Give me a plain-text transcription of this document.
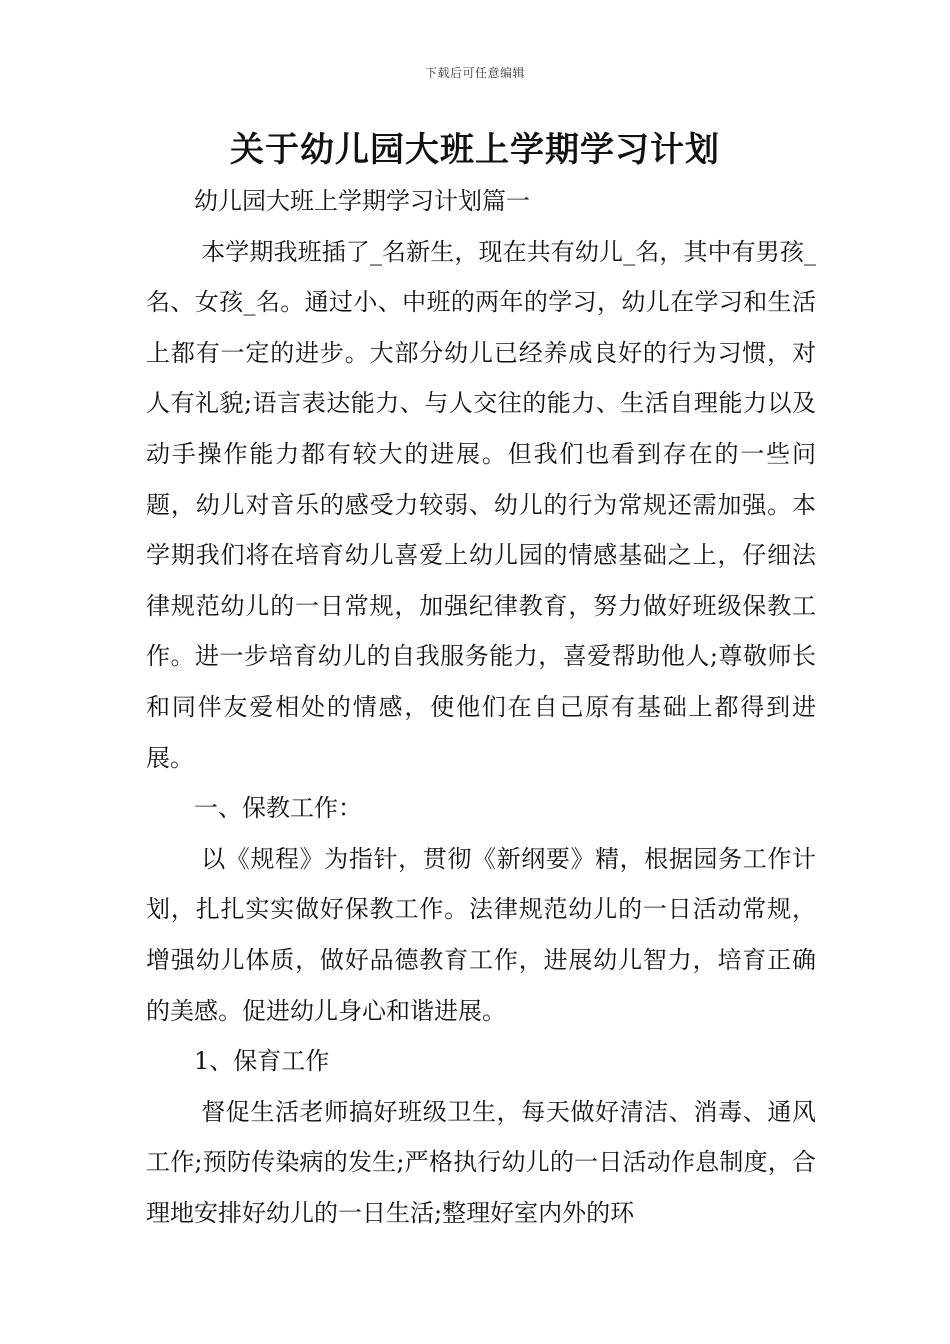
下载后可任意编辑
关于幼儿园大班上学期学习计划

幼儿园大班上学期学习计划篇一

本学期我班插了_名新生，现在共有幼儿_名，其中有男孩_名、女孩_名。通过小、中班的两年的学习，幼儿在学习和生活上都有一定的进步。大部分幼儿已经养成良好的行为习惯，对人有礼貌;语言表达能力、与人交往的能力、生活自理能力以及动手操作能力都有较大的进展。但我们也看到存在的一些问题，幼儿对音乐的感受力较弱、幼儿的行为常规还需加强。本学期我们将在培育幼儿喜爱上幼儿园的情感基础之上，仔细法律规范幼儿的一日常规，加强纪律教育，努力做好班级保教工作。进一步培育幼儿的自我服务能力，喜爱帮助他人;尊敬师长和同伴友爱相处的情感，使他们在自己原有基础上都得到进展。

一、保教工作：

以《规程》为指针，贯彻《新纲要》精，根据园务工作计划，扎扎实实做好保教工作。法律规范幼儿的一日活动常规，增强幼儿体质，做好品德教育工作，进展幼儿智力，培育正确的美感。促进幼儿身心和谐进展。

1、保育工作

督促生活老师搞好班级卫生，每天做好清洁、消毒、通风工作;预防传染病的发生;严格执行幼儿的一日活动作息制度，合理地安排好幼儿的一日生活;整理好室内外的环
